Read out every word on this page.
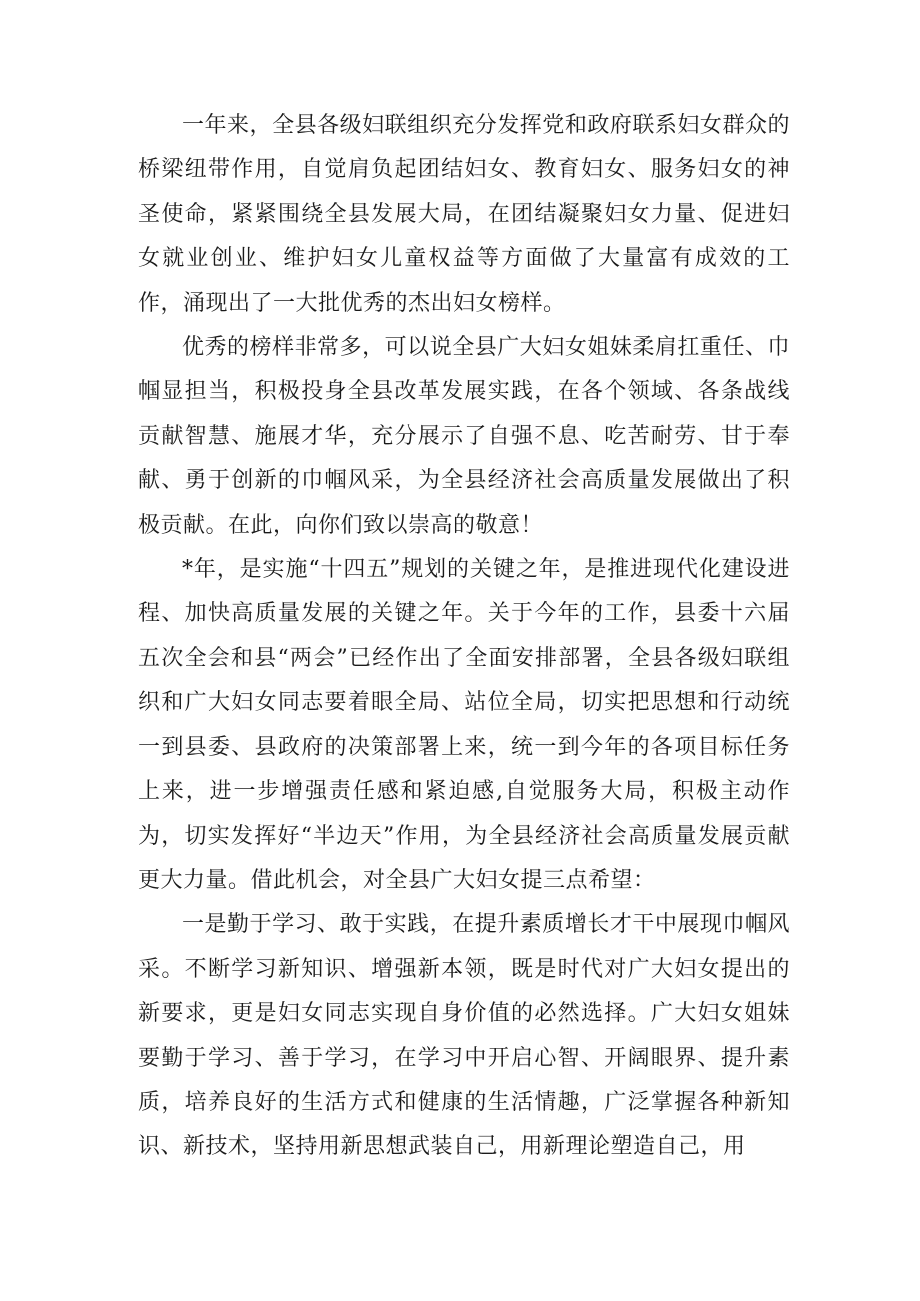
一年来，全县各级妇联组织充分发挥党和政府联系妇女群众的桥梁纽带作用，自觉肩负起团结妇女、教育妇女、服务妇女的神圣使命，紧紧围绕全县发展大局，在团结凝聚妇女力量、促进妇女就业创业、维护妇女儿童权益等方面做了大量富有成效的工作，涌现出了一大批优秀的杰出妇女榜样。

优秀的榜样非常多，可以说全县广大妇女姐妹柔肩扛重任、巾帼显担当，积极投身全县改革发展实践，在各个领域、各条战线贡献智慧、施展才华，充分展示了自强不息、吃苦耐劳、甘于奉献、勇于创新的巾帼风采，为全县经济社会高质量发展做出了积极贡献。在此，向你们致以崇高的敬意！

*年，是实施“十四五”规划的关键之年，是推进现代化建设进程、加快高质量发展的关键之年。关于今年的工作，县委十六届五次全会和县“两会”已经作出了全面安排部署，全县各级妇联组织和广大妇女同志要着眼全局、站位全局，切实把思想和行动统一到县委、县政府的决策部署上来，统一到今年的各项目标任务上来，进一步增强责任感和紧迫感,自觉服务大局，积极主动作为，切实发挥好“半边天”作用，为全县经济社会高质量发展贡献更大力量。借此机会，对全县广大妇女提三点希望：

一是勤于学习、敢于实践，在提升素质增长才干中展现巾帼风采。不断学习新知识、增强新本领，既是时代对广大妇女提出的新要求，更是妇女同志实现自身价值的必然选择。广大妇女姐妹要勤于学习、善于学习，在学习中开启心智、开阔眼界、提升素质，培养良好的生活方式和健康的生活情趣，广泛掌握各种新知识、新技术，坚持用新思想武装自己，用新理论塑造自己，用
